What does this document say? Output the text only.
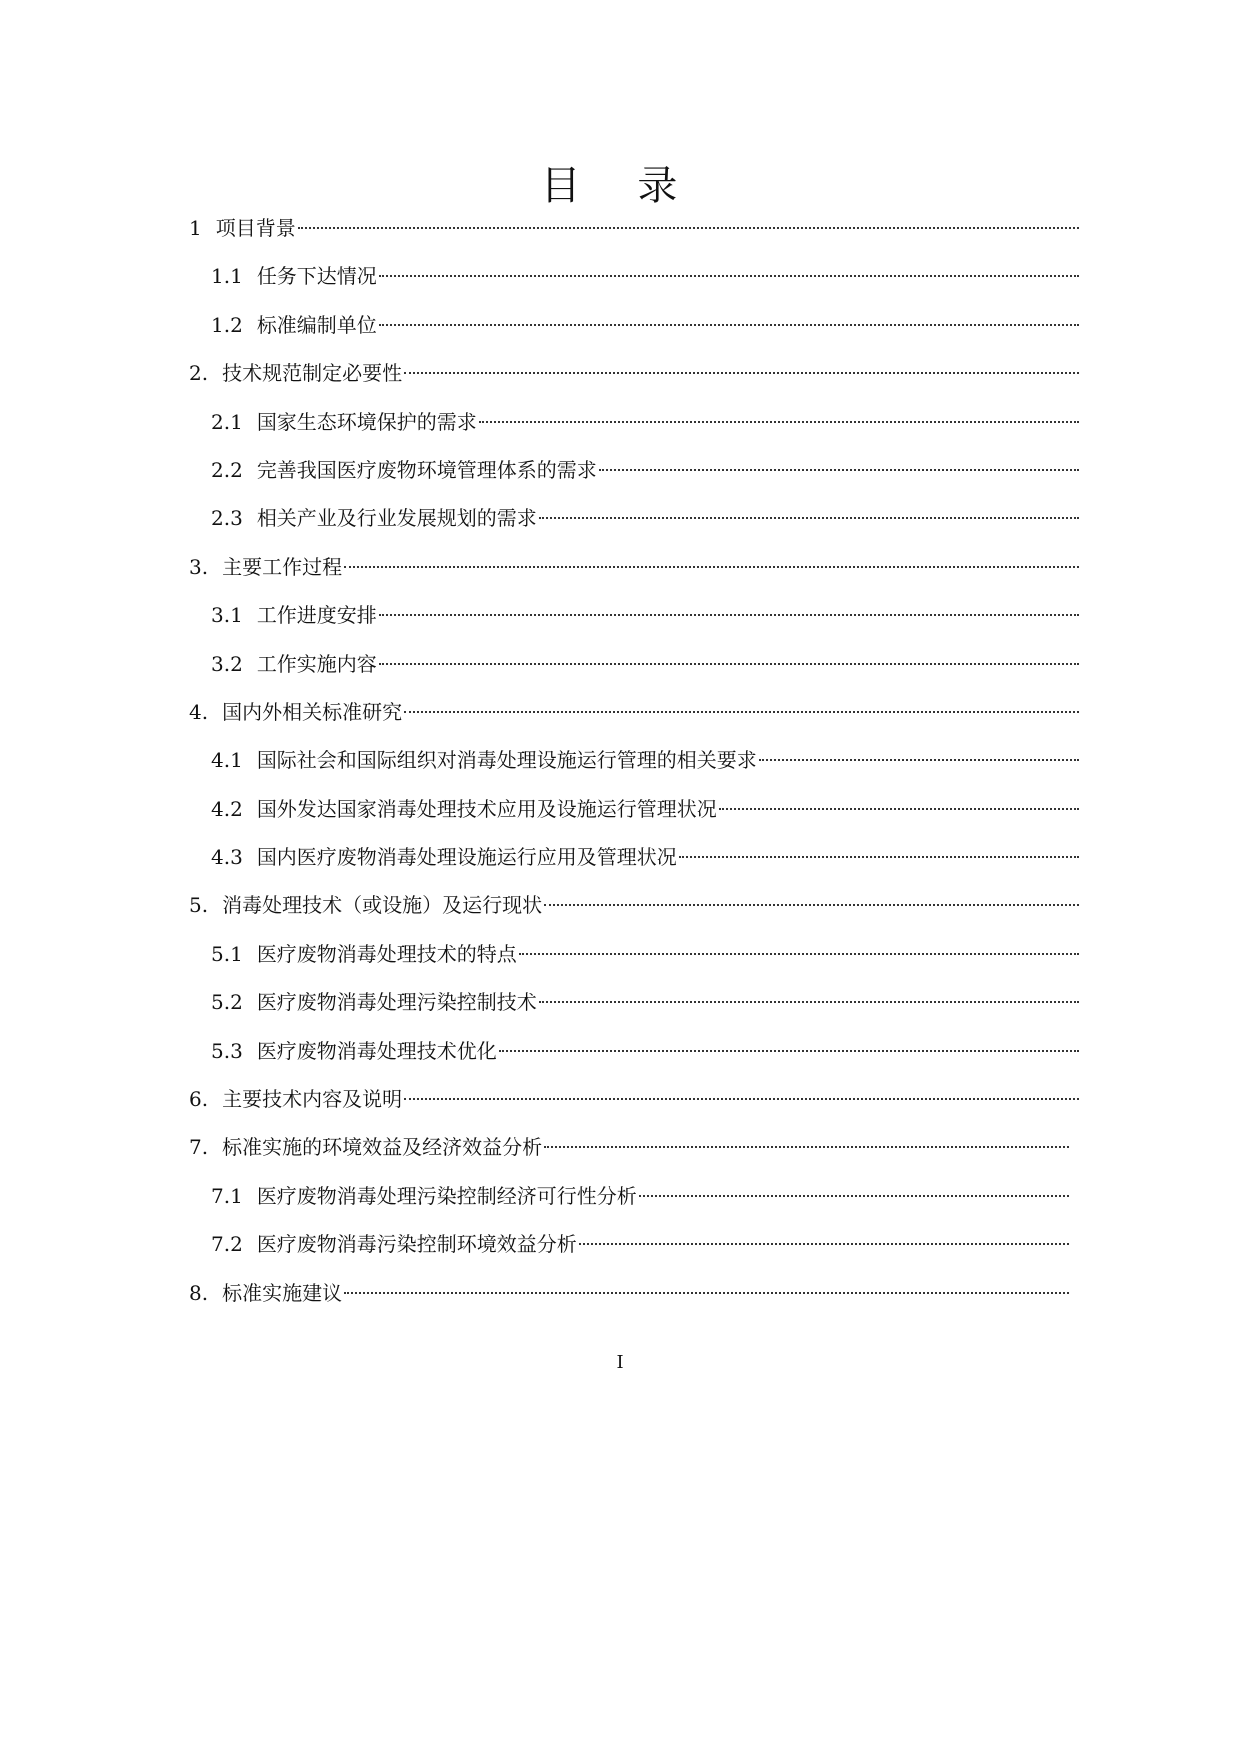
目 录
1 项目背景
1.1 任务下达情况
1.2 标准编制单位
2. 技术规范制定必要性
2.1 国家生态环境保护的需求
2.2 完善我国医疗废物环境管理体系的需求
2.3 相关产业及行业发展规划的需求
3. 主要工作过程
3.1 工作进度安排
3.2 工作实施内容
4. 国内外相关标准研究
4.1 国际社会和国际组织对消毒处理设施运行管理的相关要求
4.2 国外发达国家消毒处理技术应用及设施运行管理状况
4.3 国内医疗废物消毒处理设施运行应用及管理状况
5. 消毒处理技术（或设施）及运行现状
5.1 医疗废物消毒处理技术的特点
5.2 医疗废物消毒处理污染控制技术
5.3 医疗废物消毒处理技术优化
6. 主要技术内容及说明
7. 标准实施的环境效益及经济效益分析
7.1 医疗废物消毒处理污染控制经济可行性分析
7.2 医疗废物消毒污染控制环境效益分析
8. 标准实施建议
I
